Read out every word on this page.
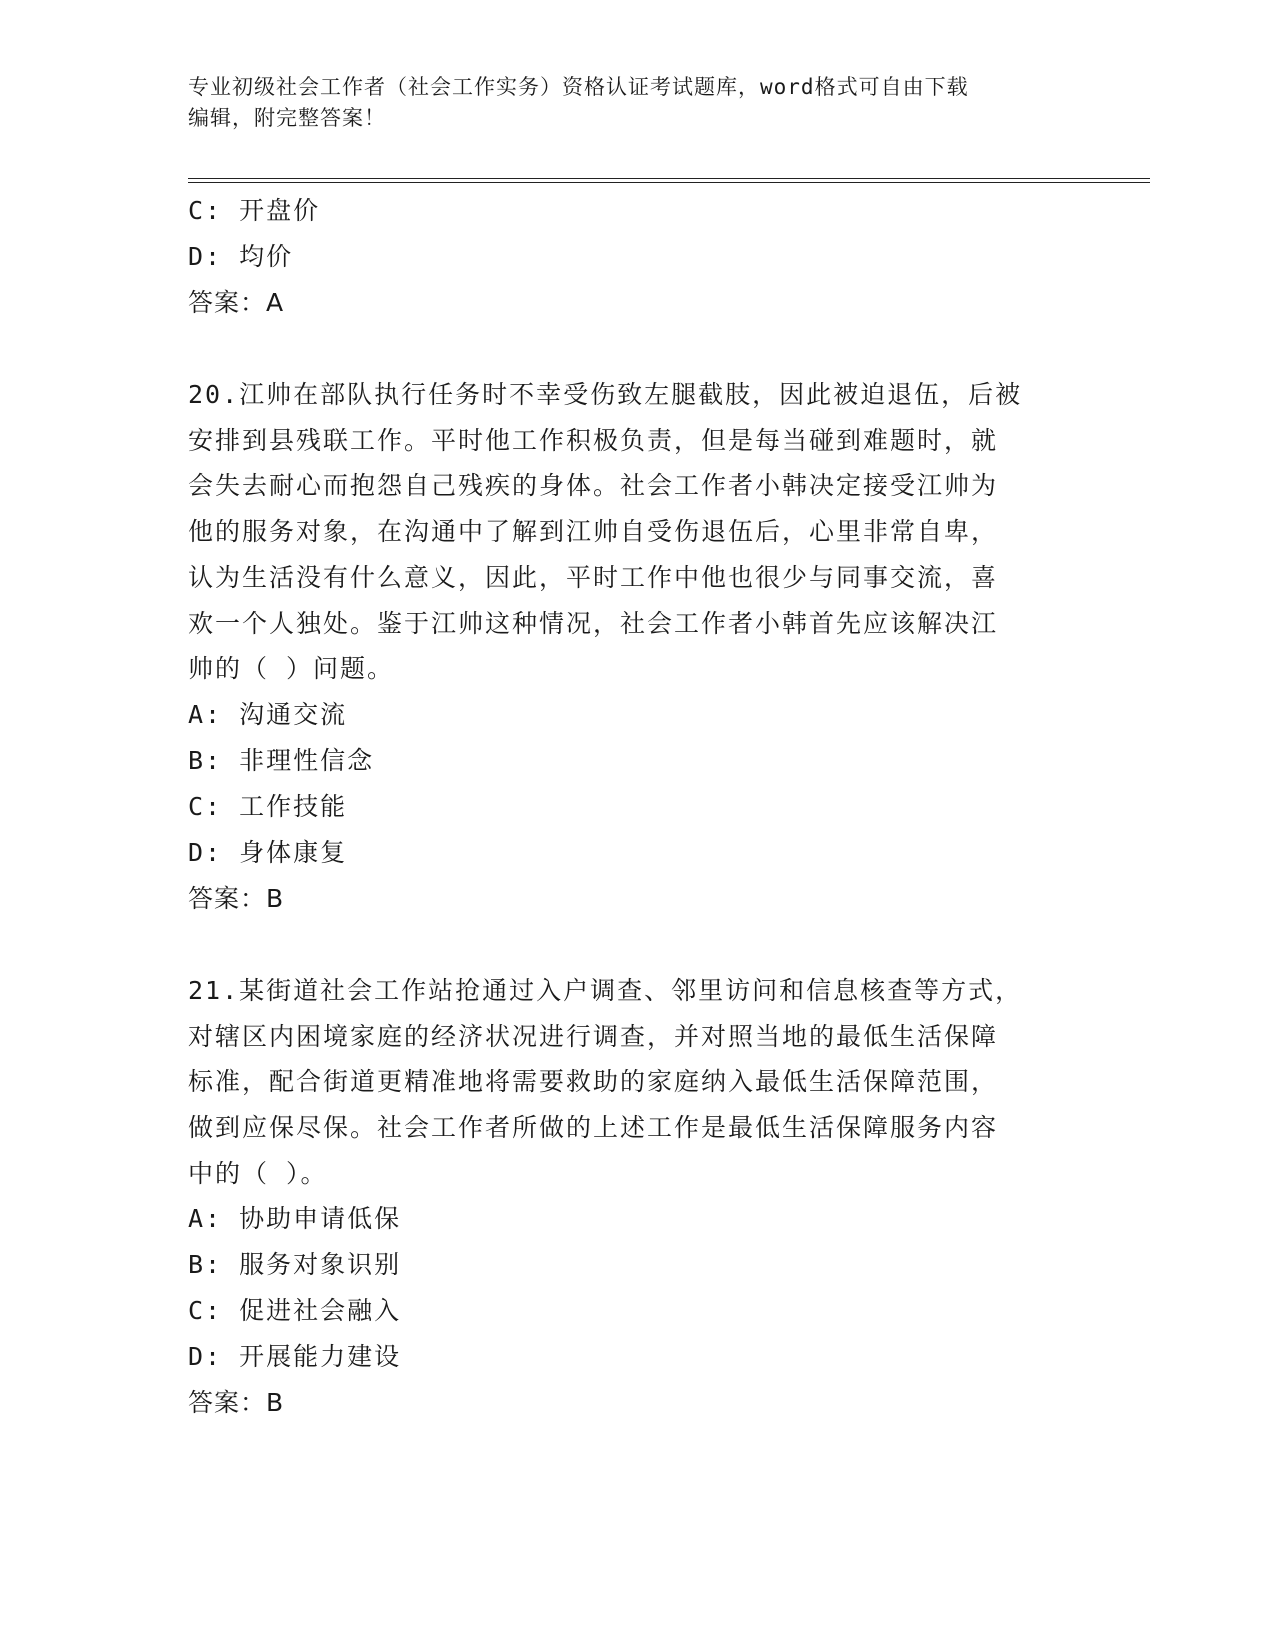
专业初级社会工作者（社会工作实务）资格认证考试题库，word格式可自由下载
编辑，附完整答案！
C: 开盘价
D: 均价
答案：A
20.江帅在部队执行任务时不幸受伤致左腿截肢，因此被迫退伍，后被
安排到县残联工作。平时他工作积极负责，但是每当碰到难题时，就
会失去耐心而抱怨自己残疾的身体。社会工作者小韩决定接受江帅为
他的服务对象，在沟通中了解到江帅自受伤退伍后，心里非常自卑，
认为生活没有什么意义，因此，平时工作中他也很少与同事交流，喜
欢一个人独处。鉴于江帅这种情况，社会工作者小韩首先应该解决江
帅的（ ）问题。
A: 沟通交流
B: 非理性信念
C: 工作技能
D: 身体康复
答案：B
21.某街道社会工作站抢通过入户调查、邻里访问和信息核查等方式，
对辖区内困境家庭的经济状况进行调查，并对照当地的最低生活保障
标准，配合街道更精准地将需要救助的家庭纳入最低生活保障范围，
做到应保尽保。社会工作者所做的上述工作是最低生活保障服务内容
中的（ ）。
A: 协助申请低保
B: 服务对象识别
C: 促进社会融入
D: 开展能力建设
答案：B
